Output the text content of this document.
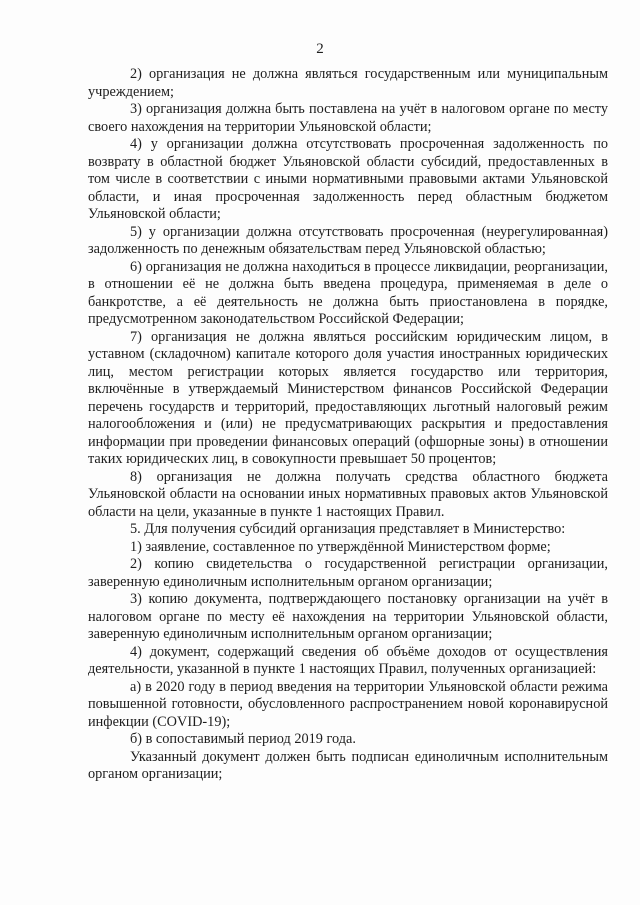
2

2) организация не должна являться государственным или муниципальным учреждением;

3) организация должна быть поставлена на учёт в налоговом органе по месту своего нахождения на территории Ульяновской области;

4) у организации должна отсутствовать просроченная задолженность по возврату в областной бюджет Ульяновской области субсидий, предоставленных в том числе в соответствии с иными нормативными правовыми актами Ульяновской области, и иная просроченная задолженность перед областным бюджетом Ульяновской области;

5) у организации должна отсутствовать просроченная (неурегулированная) задолженность по денежным обязательствам перед Ульяновской областью;

6) организация не должна находиться в процессе ликвидации, реорганизации, в отношении её не должна быть введена процедура, применяемая в деле о банкротстве, а её деятельность не должна быть приостановлена в порядке, предусмотренном законодательством Российской Федерации;

7) организация не должна являться российским юридическим лицом, в уставном (складочном) капитале которого доля участия иностранных юридических лиц, местом регистрации которых является государство или территория, включённые в утверждаемый Министерством финансов Российской Федерации перечень государств и территорий, предоставляющих льготный налоговый режим налогообложения и (или) не предусматривающих раскрытия и предоставления информации при проведении финансовых операций (офшорные зоны) в отношении таких юридических лиц, в совокупности превышает 50 процентов;

8) организация не должна получать средства областного бюджета Ульяновской области на основании иных нормативных правовых актов Ульяновской области на цели, указанные в пункте 1 настоящих Правил.

5. Для получения субсидий организация представляет в Министерство:

1) заявление, составленное по утверждённой Министерством форме;

2) копию свидетельства о государственной регистрации организации, заверенную единоличным исполнительным органом организации;

3) копию документа, подтверждающего постановку организации на учёт в налоговом органе по месту её нахождения на территории Ульяновской области, заверенную единоличным исполнительным органом организации;

4) документ, содержащий сведения об объёме доходов от осуществления деятельности, указанной в пункте 1 настоящих Правил, полученных организацией:

а) в 2020 году в период введения на территории Ульяновской области режима повышенной готовности, обусловленного распространением новой коронавирусной инфекции (COVID-19);

б) в сопоставимый период 2019 года.

Указанный документ должен быть подписан единоличным исполнительным органом организации;
